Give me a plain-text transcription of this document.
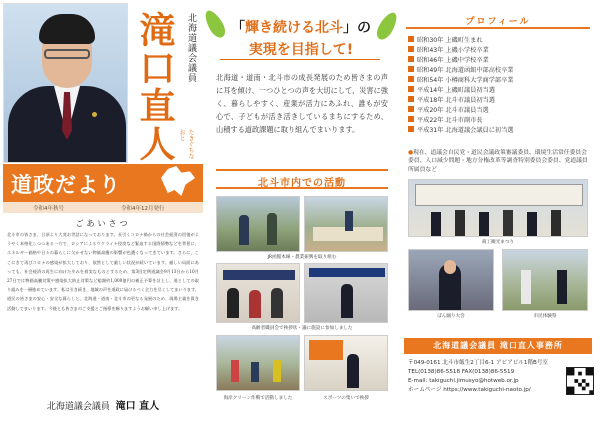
北海道議会議員
滝口直人	たきぐちなおと
道政だより
令和4年秋号	令和4年12月発行
ごあいさつ
北斗市の皆さま、日頃より大変お世話になっております。長引くコロナ禍からの社会経済の回復がようやく本格化しつつある一方で、ロシアによるウクライナ侵攻など緊迫する国際情勢などを背景に、エネルギー価格や日々の暮らしに欠かせない物価高騰の影響が色濃くなってきています。さらに、ここにきて再びコロナの感染が拡大しており、依然として厳しい状況が続いています。厳しい局面にあっても、社会経済の再生に向けた歩みを着実なものとするため、第3回定例道議会9月13日から10月27日では物価高騰対策や感染拡大防止対策など総額約1,000億円の補正予算を計上し、道としての取り組みを一層進めています。私は引き続き、地域の声を道政に届けるべく全力を尽くしてまいります。道民の皆さまの安心・安全な暮らしと、北海道・道南・北斗市の更なる発展のため、現場主義を貫き活動してまいります。今後とも皆さまのご支援とご指導を賜りますようお願い申し上げます。
北海道議会議員 滝口 直人
「輝き続ける北斗」の
実現を目指して!
北海道・道南・北斗市の成長発展のため皆さまの声に耳を傾け、一つひとつの声を大切にして、災害に強く、暮らしやすく、産業が活力にあふれ、誰もが安心で、子どもが活き活きしているまちにするため、山積する道政課題に取り組んでまいります。
北斗市内での活動
JR函館本線・農業振興を取り組む
高齢者職員会で挨拶状・議に施設に参加しました
海岸クリーン作戦で活動しました	スポーツの集いで挨拶
プロフィール
昭和30年 上磯町生まれ
昭和43年 上磯小学校卒業
昭和46年 上磯中学校卒業
昭和49年 北海道函館中部高校卒業
昭和54年 小樽商科大学商学部卒業
平成14年 上磯町議員初当選
平成18年 北斗市議員初当選
平成20年 北斗市議員当選
平成22年 北斗市副市長
平成31年 北海道議会議員に初当選
●現在、道議会自民党・道民会議政策審議委員、環境生活常任委員会委員、人口減少問題・地方分権改革等調査特別委員会委員、党道議員所属員など
商工観光まつり
ぼん踊り大会	市民体験祭
北海道議会議員 滝口直人事務所
〒049-0161 北斗市飯生2丁目6-1 アビアビル1階B号室
TEL(0138)86-5518 FAX(0138)86-5519
E-mail: takiguchi.jimusyo@hotweb.or.jp
ホームページ https://www.takiguchi-naoto.jp/
